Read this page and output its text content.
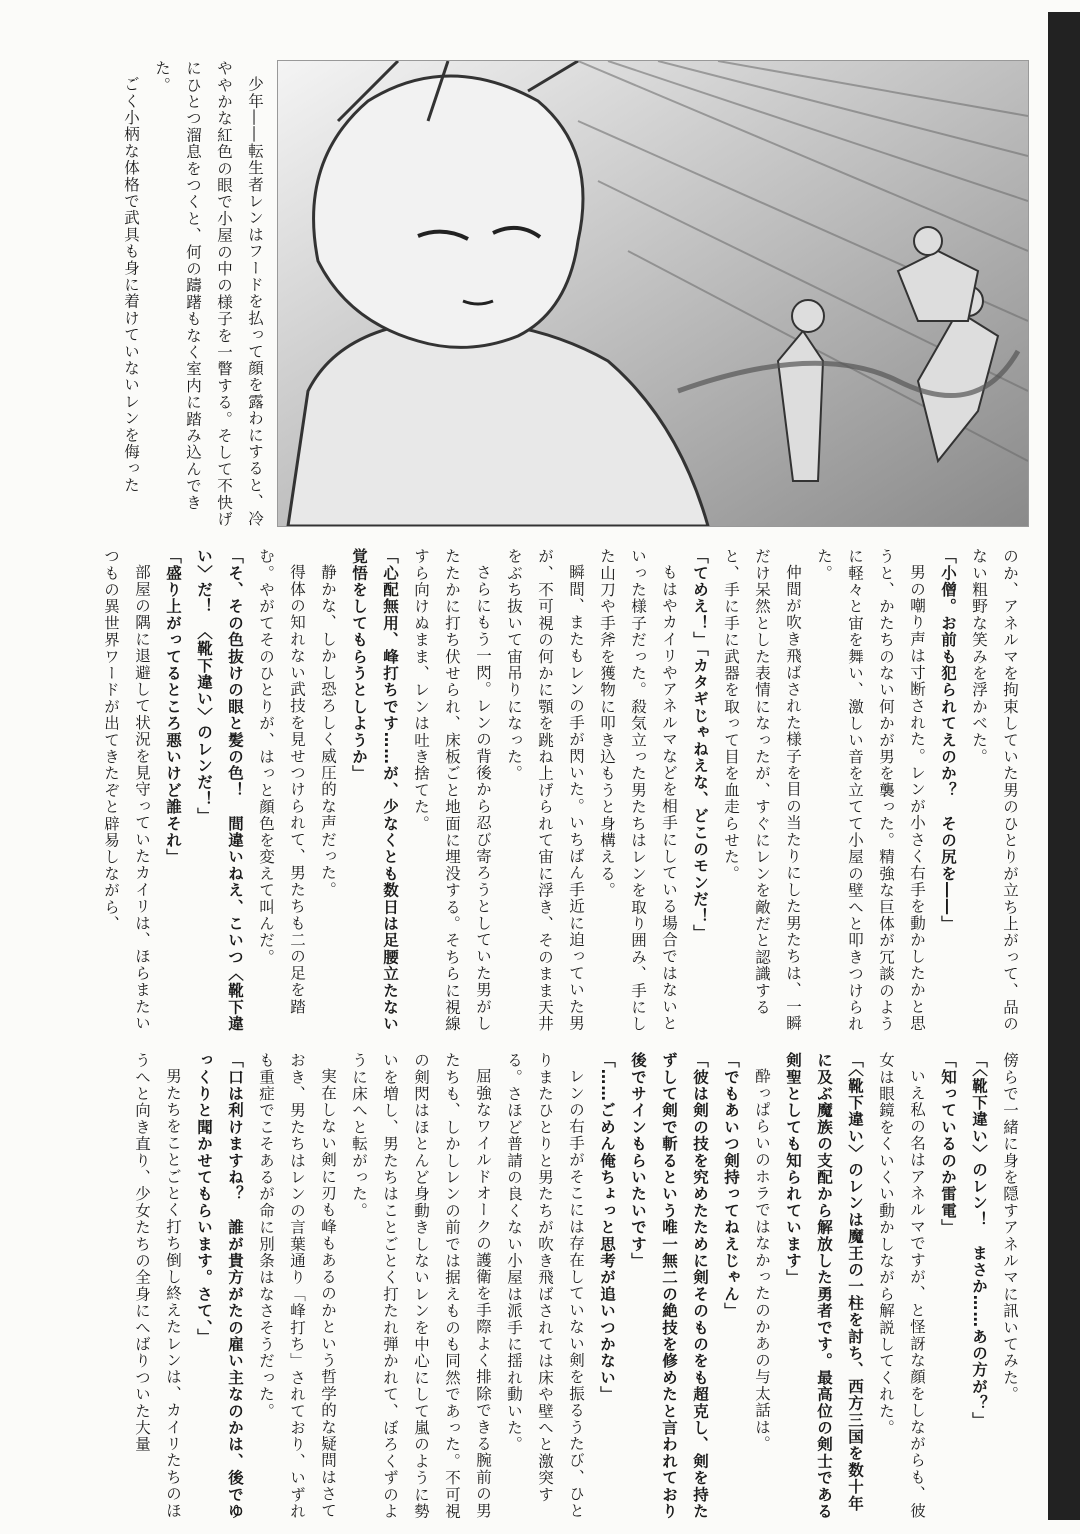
少年――転生者レンはフードを払って顔を露わにすると、冷ややかな紅色の眼で小屋の中の様子を一瞥する。そして不快げにひとつ溜息をつくと、何の躊躇もなく室内に踏み込んできた。

ごく小柄な体格で武具も身に着けていないレンを侮った

のか、アネルマを拘束していた男のひとりが立ち上がって、品のない粗野な笑みを浮かべた。

「小僧。お前も犯られてえのか？　その尻を――」

男の嘲り声は寸断された。レンが小さく右手を動かしたかと思うと、かたちのない何かが男を襲った。精強な巨体が冗談のように軽々と宙を舞い、激しい音を立てて小屋の壁へと叩きつけられた。

仲間が吹き飛ばされた様子を目の当たりにした男たちは、一瞬だけ呆然とした表情になったが、すぐにレンを敵だと認識すると、手に手に武器を取って目を血走らせた。

「てめえ！」「カタギじゃねえな、どこのモンだ！」

もはやカイリやアネルマなどを相手にしている場合ではないといった様子だった。殺気立った男たちはレンを取り囲み、手にした山刀や手斧を獲物に叩き込もうと身構える。

瞬間、またもレンの手が閃いた。いちばん手近に迫っていた男が、不可視の何かに顎を跳ね上げられて宙に浮き、そのまま天井をぶち抜いて宙吊りになった。

さらにもう一閃。レンの背後から忍び寄ろうとしていた男がしたたかに打ち伏せられ、床板ごと地面に埋没する。そちらに視線すら向けぬまま、レンは吐き捨てた。

「心配無用、峰打ちです……が、少なくとも数日は足腰立たない覚悟をしてもらうとしようか」

静かな、しかし恐ろしく威圧的な声だった。

得体の知れない武技を見せつけられて、男たちも二の足を踏む。やがてそのひとりが、はっと顔色を変えて叫んだ。

「そ、その色抜けの眼と髪の色！　間違いねえ、こいつ〈靴下違い〉だ！　〈靴下違い〉のレンだ！」

「盛り上がってるところ悪いけど誰それ」

部屋の隅に退避して状況を見守っていたカイリは、ほらまたいつもの異世界ワードが出てきたぞと辟易しながら、

傍らで一緒に身を隠すアネルマに訊いてみた。

「〈靴下違い〉のレン！　まさか……あの方が？」

「知っているのか雷電」

いえ私の名はアネルマですが、と怪訝な顔をしながらも、彼女は眼鏡をくいくい動かしながら解説してくれた。

「〈靴下違い〉のレンは魔王の一柱を討ち、西方三国を数十年に及ぶ魔族の支配から解放した勇者です。最高位の剣士である剣聖としても知られています」

酔っぱらいのホラではなかったのかあの与太話は。

「でもあいつ剣持ってねえじゃん」

「彼は剣の技を究めたために剣そのものをも超克し、剣を持たずして剣で斬るという唯一無二の絶技を修めたと言われており後でサインもらいたいです」

「……ごめん俺ちょっと思考が追いつかない」

レンの右手がそこには存在していない剣を振るうたび、ひとりまたひとりと男たちが吹き飛ばされては床や壁へと激突する。さほど普請の良くない小屋は派手に揺れ動いた。

屈強なワイルドオークの護衛を手際よく排除できる腕前の男たちも、しかしレンの前では据えものも同然であった。不可視の剣閃はほとんど身動きしないレンを中心にして嵐のように勢いを増し、男たちはことごとく打たれ弾かれて、ぼろくずのように床へと転がった。

実在しない剣に刃も峰もあるのかという哲学的な疑問はさておき、男たちはレンの言葉通り「峰打ち」されており、いずれも重症でこそあるが命に別条はなさそうだった。

「口は利けますね？　誰が貴方がたの雇い主なのかは、後でゆっくりと聞かせてもらいます。さて、」

男たちをことごとく打ち倒し終えたレンは、カイリたちのほうへと向き直り、少女たちの全身にへばりついた大量
